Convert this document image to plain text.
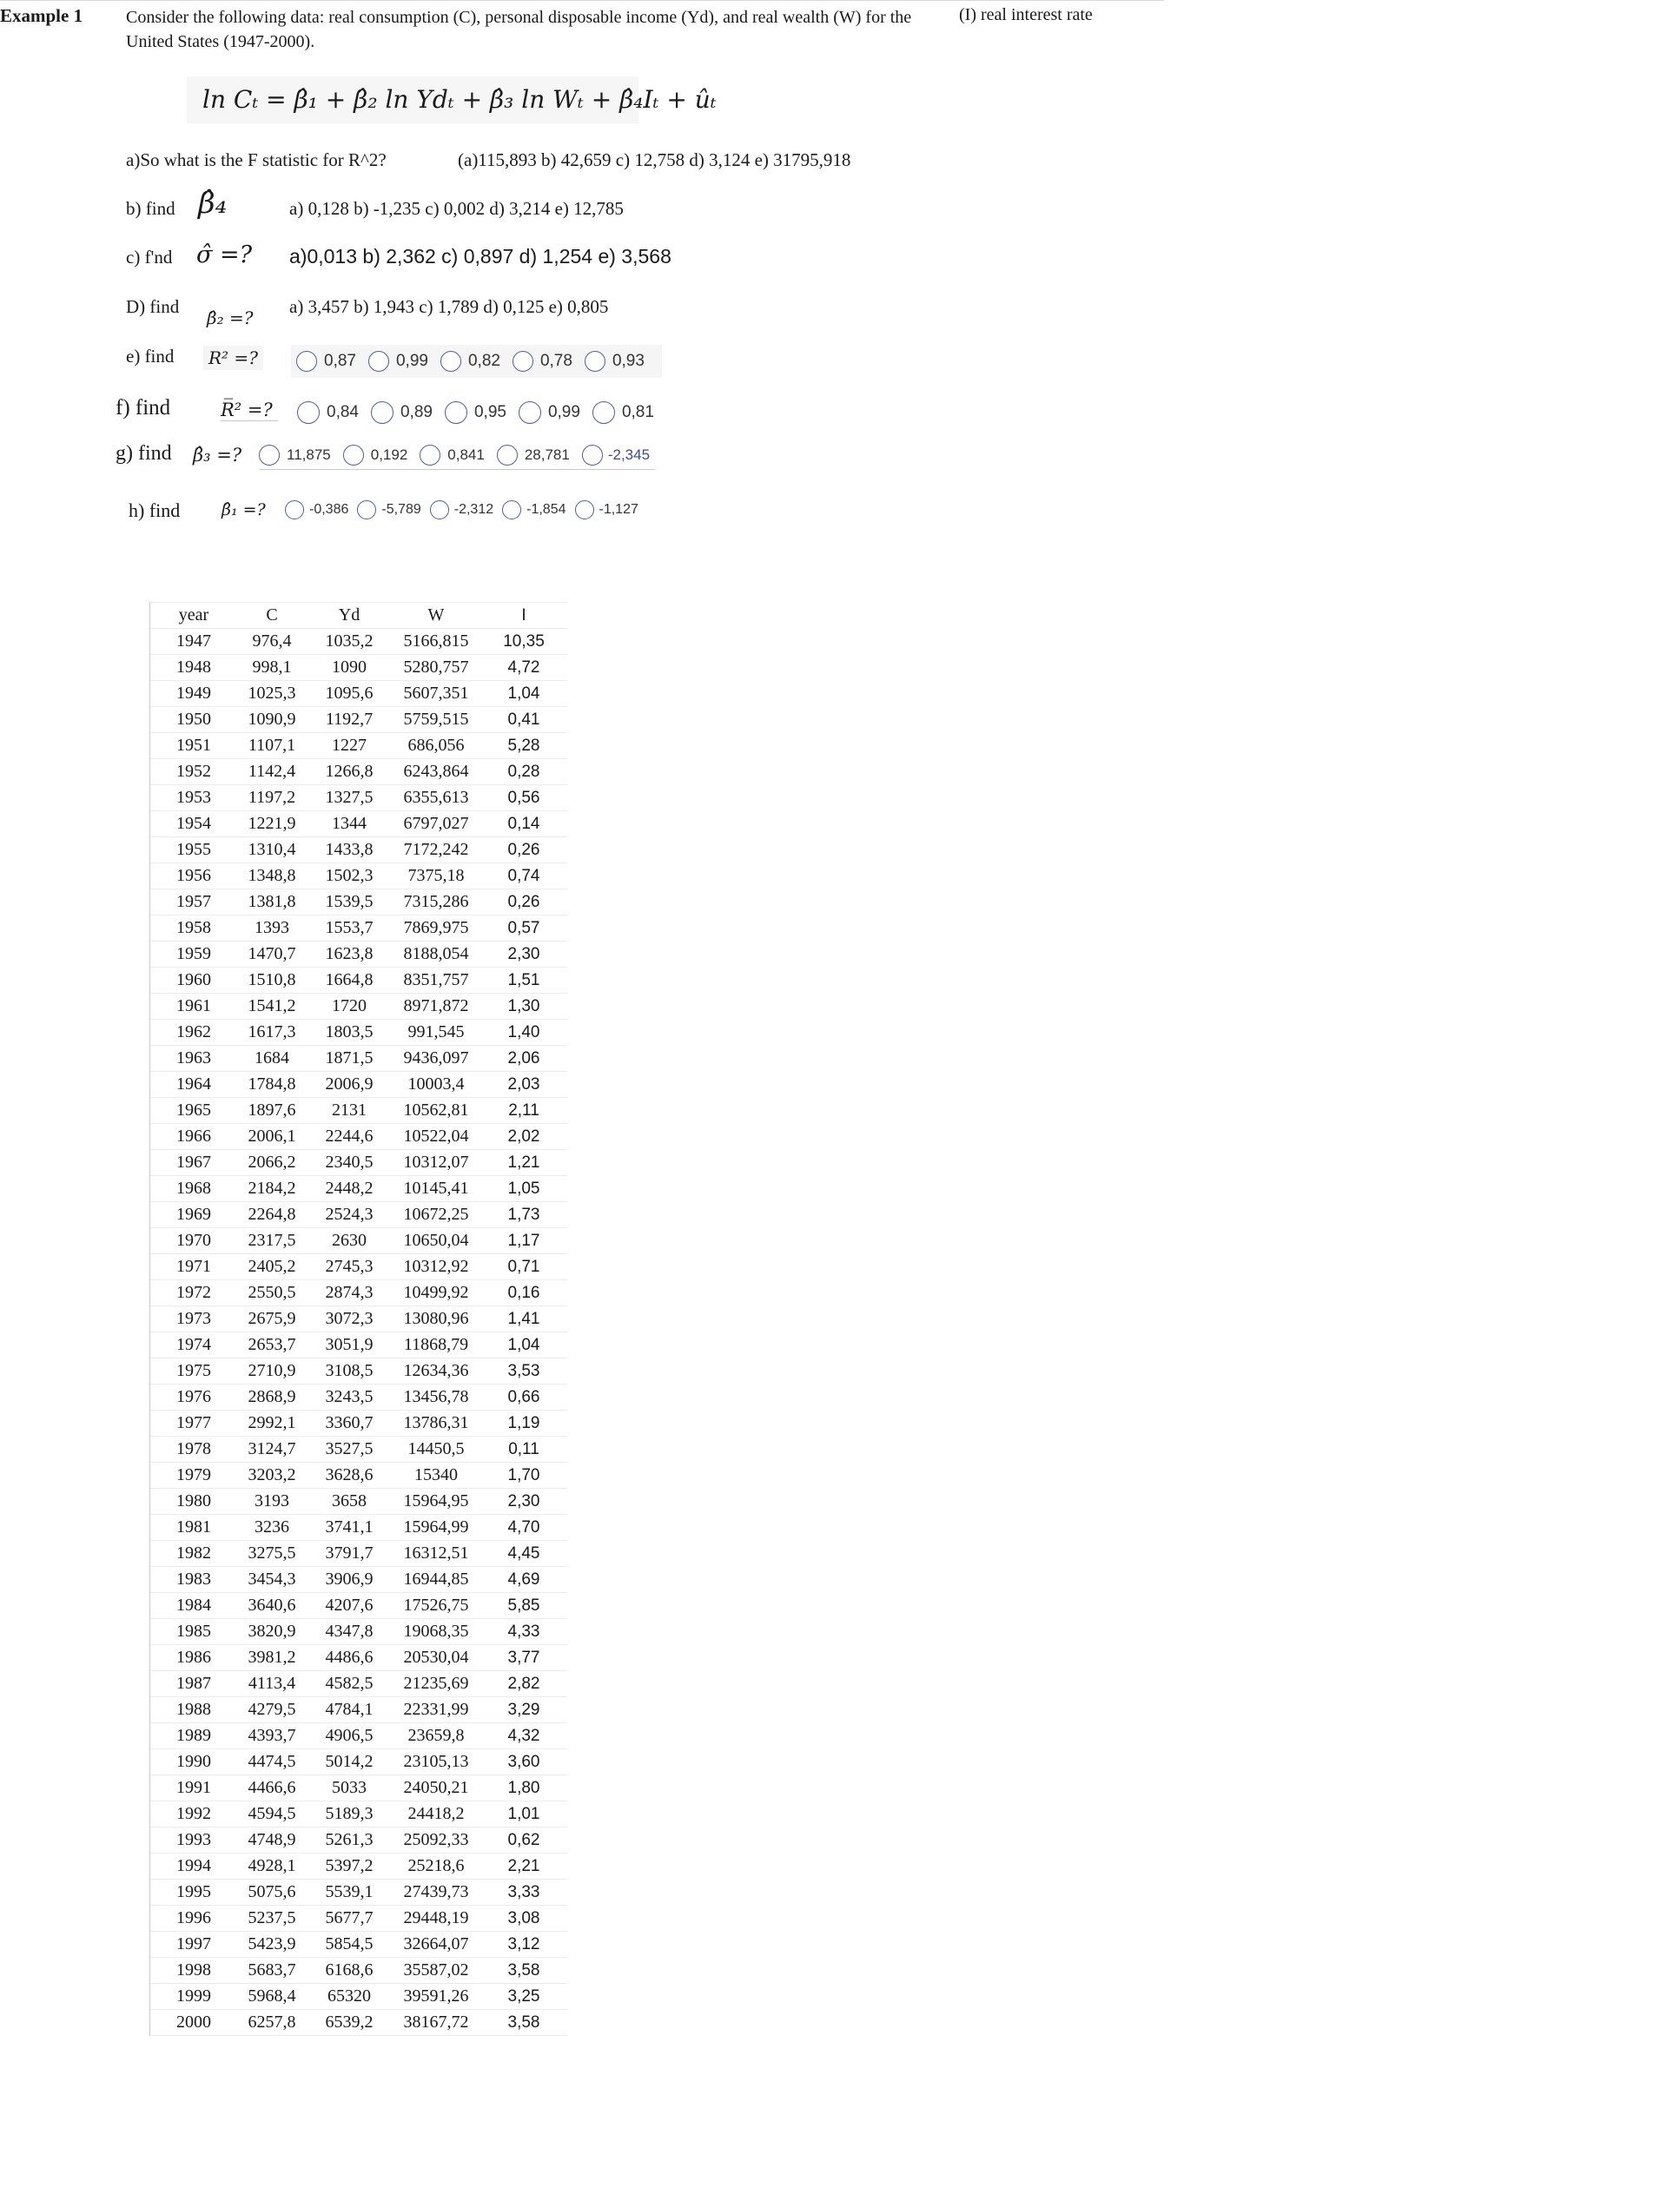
Example 1 Consider the following data: real consumption (C), personal disposable income (Yd), and real wealth (W) for the United States (1947-2000).
(I) real interest rate
ln Cₜ = β̂₁ + β̂₂ ln Ydₜ + β̂₃ ln Wₜ + β̂₄Iₜ + ûₜ
a)So what is the F statistic for R^2?	(a)115,893 b) 42,659 c) 12,758 d) 3,124 e) 31795,918
b) find β̂₄	a) 0,128 b) -1,235 c) 0,002 d) 3,214 e) 12,785
c) f'nd σ̂ =? a)0,013 b) 2,362 c) 0,897 d) 1,254 e) 3,568
D) find
β̂₂ =?
a) 3,457 b) 1,943 c) 1,789 d) 0,125 e) 0,805
e) find	R² =?	0,87 0,99 0,82 0,78 0,93
f) find	R̅² =?	0,84	0,89	0,95	0,99	0,81
g) find β̂₃ =?	11,875	0,192	0,841	28,781	-2,345
h) find	β̂₁ =?	-0,386 -5,789 -2,312 -1,854 -1,127
year	C	Yd	W	I
1947	976,4	1035,2	5166,815	10,35
1948	998,1	1090	5280,757	4,72
1949	1025,3	1095,6	5607,351	1,04
1950	1090,9	1192,7	5759,515	0,41
1951	1107,1	1227	686,056	5,28
1952	1142,4	1266,8	6243,864	0,28
1953	1197,2	1327,5	6355,613	0,56
1954	1221,9	1344	6797,027	0,14
1955	1310,4	1433,8	7172,242	0,26
1956	1348,8	1502,3	7375,18	0,74
1957	1381,8	1539,5	7315,286	0,26
1958	1393	1553,7	7869,975	0,57
1959	1470,7	1623,8	8188,054	2,30
1960	1510,8	1664,8	8351,757	1,51
1961	1541,2	1720	8971,872	1,30
1962	1617,3	1803,5	991,545	1,40
1963	1684	1871,5	9436,097	2,06
1964	1784,8	2006,9	10003,4	2,03
1965	1897,6	2131	10562,81	2,11
1966	2006,1	2244,6	10522,04	2,02
1967	2066,2	2340,5	10312,07	1,21
1968	2184,2	2448,2	10145,41	1,05
1969	2264,8	2524,3	10672,25	1,73
1970	2317,5	2630	10650,04	1,17
1971	2405,2	2745,3	10312,92	0,71
1972	2550,5	2874,3	10499,92	0,16
1973	2675,9	3072,3	13080,96	1,41
1974	2653,7	3051,9	11868,79	1,04
1975	2710,9	3108,5	12634,36	3,53
1976	2868,9	3243,5	13456,78	0,66
1977	2992,1	3360,7	13786,31	1,19
1978	3124,7	3527,5	14450,5	0,11
1979	3203,2	3628,6	15340	1,70
1980	3193	3658	15964,95	2,30
1981	3236	3741,1	15964,99	4,70
1982	3275,5	3791,7	16312,51	4,45
1983	3454,3	3906,9	16944,85	4,69
1984	3640,6	4207,6	17526,75	5,85
1985	3820,9	4347,8	19068,35	4,33
1986	3981,2	4486,6	20530,04	3,77
1987	4113,4	4582,5	21235,69	2,82
1988	4279,5	4784,1	22331,99	3,29
1989	4393,7	4906,5	23659,8	4,32
1990	4474,5	5014,2	23105,13	3,60
1991	4466,6	5033	24050,21	1,80
1992	4594,5	5189,3	24418,2	1,01
1993	4748,9	5261,3	25092,33	0,62
1994	4928,1	5397,2	25218,6	2,21
1995	5075,6	5539,1	27439,73	3,33
1996	5237,5	5677,7	29448,19	3,08
1997	5423,9	5854,5	32664,07	3,12
1998	5683,7	6168,6	35587,02	3,58
1999	5968,4	65320	39591,26	3,25
2000	6257,8	6539,2	38167,72	3,58
